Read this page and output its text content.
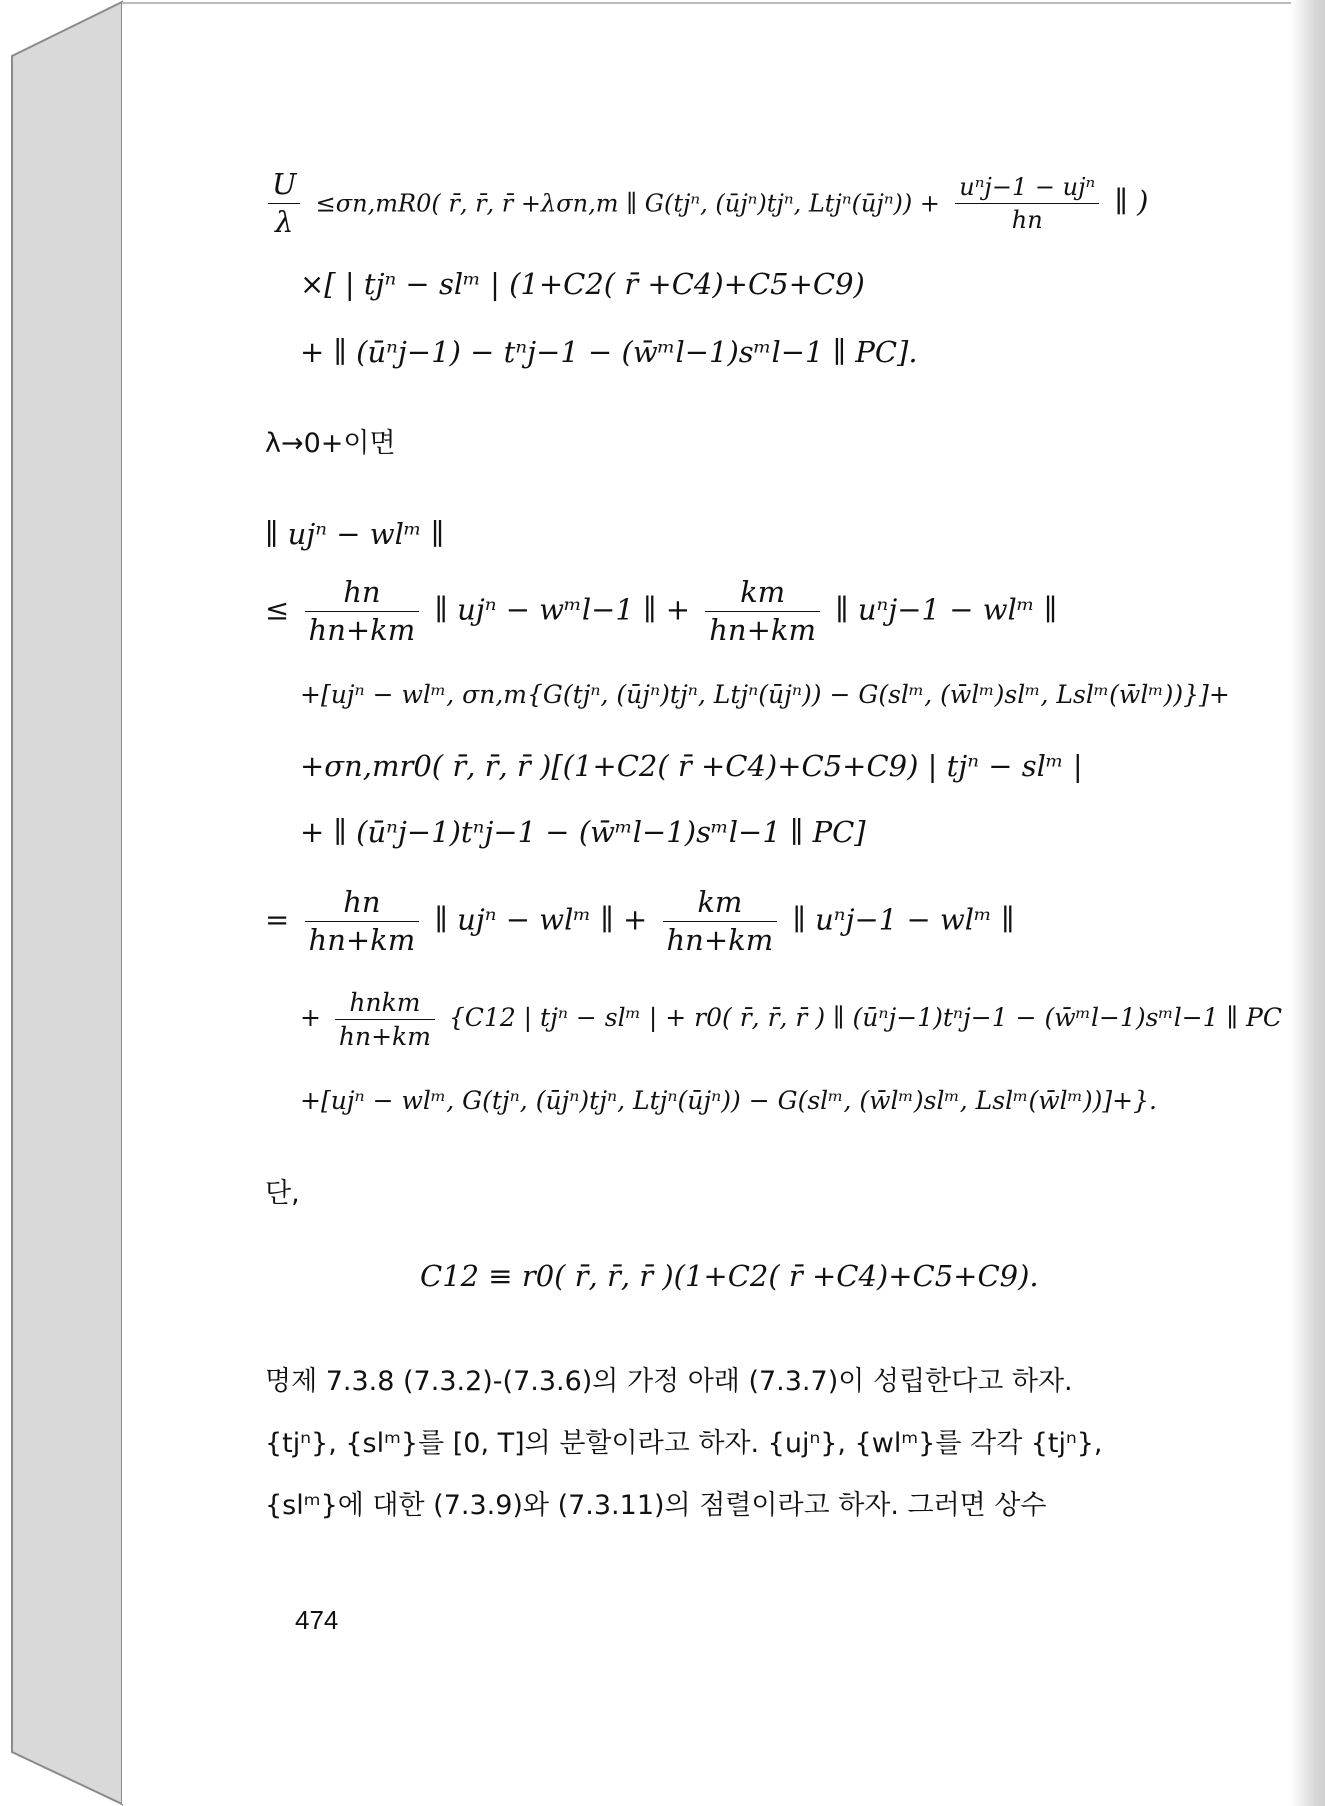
$\frac{U}{\lambda} \le\sigma n,mR0$( r̄, r̄, r̄ +λσn,m ∥ G(tjⁿ, (ūjⁿ)tjⁿ, Ltjⁿ(ūjⁿ)) + $\frac{\text{uⁿj−1 − ujⁿ}}{hn}$ ∥ )
×[ | tjⁿ − slᵐ | (1+C2( r̄ +C4)+C5+C9)
+ ∥ (ūⁿj−1) − tⁿj−1 − (w̄ᵐl−1)sᵐl−1 ∥ PC].
λ→0+이면
∥ ujⁿ − wlᵐ ∥
≤ $\frac{hn}{hn+km}$ ∥ ujⁿ − wᵐl−1 ∥ + $\frac{km}{hn+km}$ ∥ uⁿj−1 − wlᵐ ∥
+[ujⁿ − wlᵐ, σn,m{G(tjⁿ, (ūjⁿ)tjⁿ, Ltjⁿ(ūjⁿ)) − G(slᵐ, (w̄lᵐ)slᵐ, Lslᵐ(w̄lᵐ))}]+
+σn,mr0( r̄, r̄, r̄ )[(1+C2( r̄ +C4)+C5+C9) | tjⁿ − slᵐ |
+ ∥ (ūⁿj−1)tⁿj−1 − (w̄ᵐl−1)sᵐl−1 ∥ PC]
= $\frac{hn}{hn+km}$ ∥ ujⁿ − wlᵐ ∥ + $\frac{km}{hn+km}$ ∥ uⁿj−1 − wlᵐ ∥
+ $\frac{\text{hnkm}}{hn+km} \{C12$ | tjⁿ − slᵐ | + r0( r̄, r̄, r̄ ) ∥ (ūⁿj−1)tⁿj−1 − (w̄ᵐl−1)sᵐl−1 ∥ PC
+[ujⁿ − wlᵐ, G(tjⁿ, (ūjⁿ)tjⁿ, Ltjⁿ(ūjⁿ)) − G(slᵐ, (w̄lᵐ)slᵐ, Lslᵐ(w̄lᵐ))]+}.
단,
C12 ≡ r0( r̄, r̄, r̄ )(1+C2( r̄ +C4)+C5+C9).
명제 7.3.8 (7.3.2)-(7.3.6)의 가정 아래 (7.3.7)이 성립한다고 하자.
{tjⁿ}, {slᵐ}를 [0, T]의 분할이라고 하자. {ujⁿ}, {wlᵐ}를 각각 {tjⁿ},
{slᵐ}에 대한 (7.3.9)와 (7.3.11)의 점렬이라고 하자. 그러면 상수
474
